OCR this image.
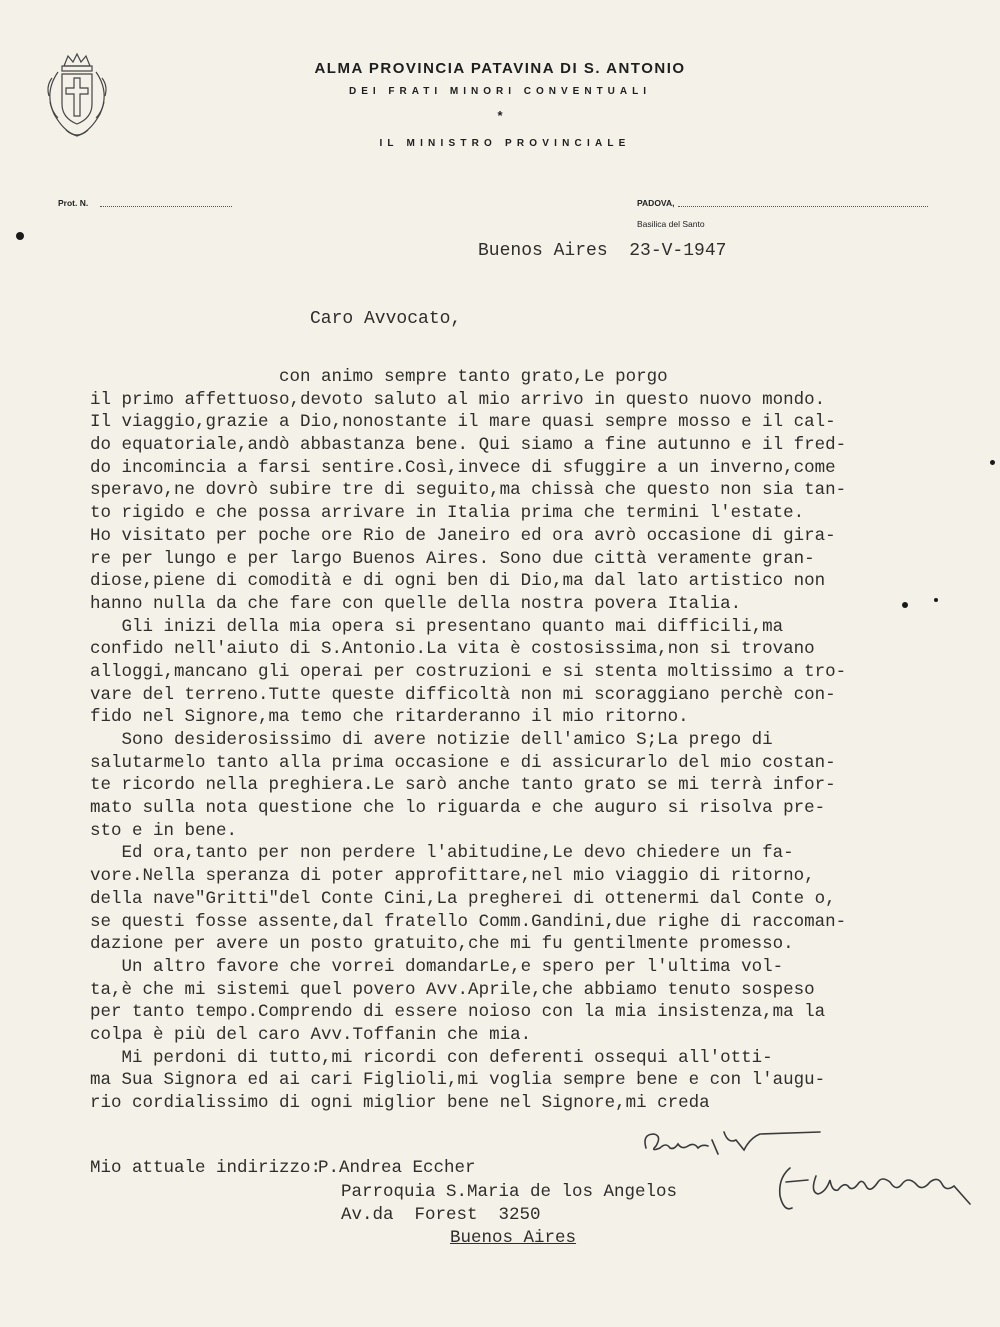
ALMA PROVINCIA PATAVINA DI S. ANTONIO
DEI FRATI MINORI CONVENTUALI
*
IL MINISTRO PROVINCIALE
Prot. N.	PADOVA,
Basilica del Santo
Buenos Aires  23-V-1947
Caro Avvocato,
con animo sempre tanto grato,Le porgo
il primo affettuoso,devoto saluto al mio arrivo in questo nuovo mondo.
Il viaggio,grazie a Dio,nonostante il mare quasi sempre mosso e il cal-
do equatoriale,andò abbastanza bene. Qui siamo a fine autunno e il fred-
do incomincia a farsi sentire.Così,invece di sfuggire a un inverno,come
speravo,ne dovrò subire tre di seguito,ma chissà che questo non sia tan-
to rigido e che possa arrivare in Italia prima che termini l'estate.
Ho visitato per poche ore Rio de Janeiro ed ora avrò occasione di gira-
re per lungo e per largo Buenos Aires. Sono due città veramente gran-
diose,piene di comodità e di ogni ben di Dio,ma dal lato artistico non
hanno nulla da che fare con quelle della nostra povera Italia.
Gli inizi della mia opera si presentano quanto mai difficili,ma
confido nell'aiuto di S.Antonio.La vita è costosissima,non si trovano
alloggi,mancano gli operai per costruzioni e si stenta moltissimo a tro-
vare del terreno.Tutte queste difficoltà non mi scoraggiano perchè con-
fido nel Signore,ma temo che ritarderanno il mio ritorno.
Sono desiderosissimo di avere notizie dell'amico S;La prego di
salutarmelo tanto alla prima occasione e di assicurarlo del mio costan-
te ricordo nella preghiera.Le sarò anche tanto grato se mi terrà infor-
mato sulla nota questione che lo riguarda e che auguro si risolva pre-
sto e in bene.
Ed ora,tanto per non perdere l'abitudine,Le devo chiedere un fa-
vore.Nella speranza di poter approfittare,nel mio viaggio di ritorno,
della nave"Gritti"del Conte Cini,La pregherei di ottenermi dal Conte o,
se questi fosse assente,dal fratello Comm.Gandini,due righe di raccoman-
dazione per avere un posto gratuito,che mi fu gentilmente promesso.
Un altro favore che vorrei domandarLe,e spero per l'ultima vol-
ta,è che mi sistemi quel povero Avv.Aprile,che abbiamo tenuto sospeso
per tanto tempo.Comprendo di essere noioso con la mia insistenza,ma la
colpa è più del caro Avv.Toffanin che mia.
Mi perdoni di tutto,mi ricordi con deferenti ossequi all'otti-
ma Sua Signora ed ai cari Figlioli,mi voglia sempre bene e con l'augu-
rio cordialissimo di ogni miglior bene nel Signore,mi creda
Mio attuale indirizzo:
P.Andrea Eccher
Parroquia S.Maria de los Angelos
Av.da  Forest  3250
Buenos Aires
